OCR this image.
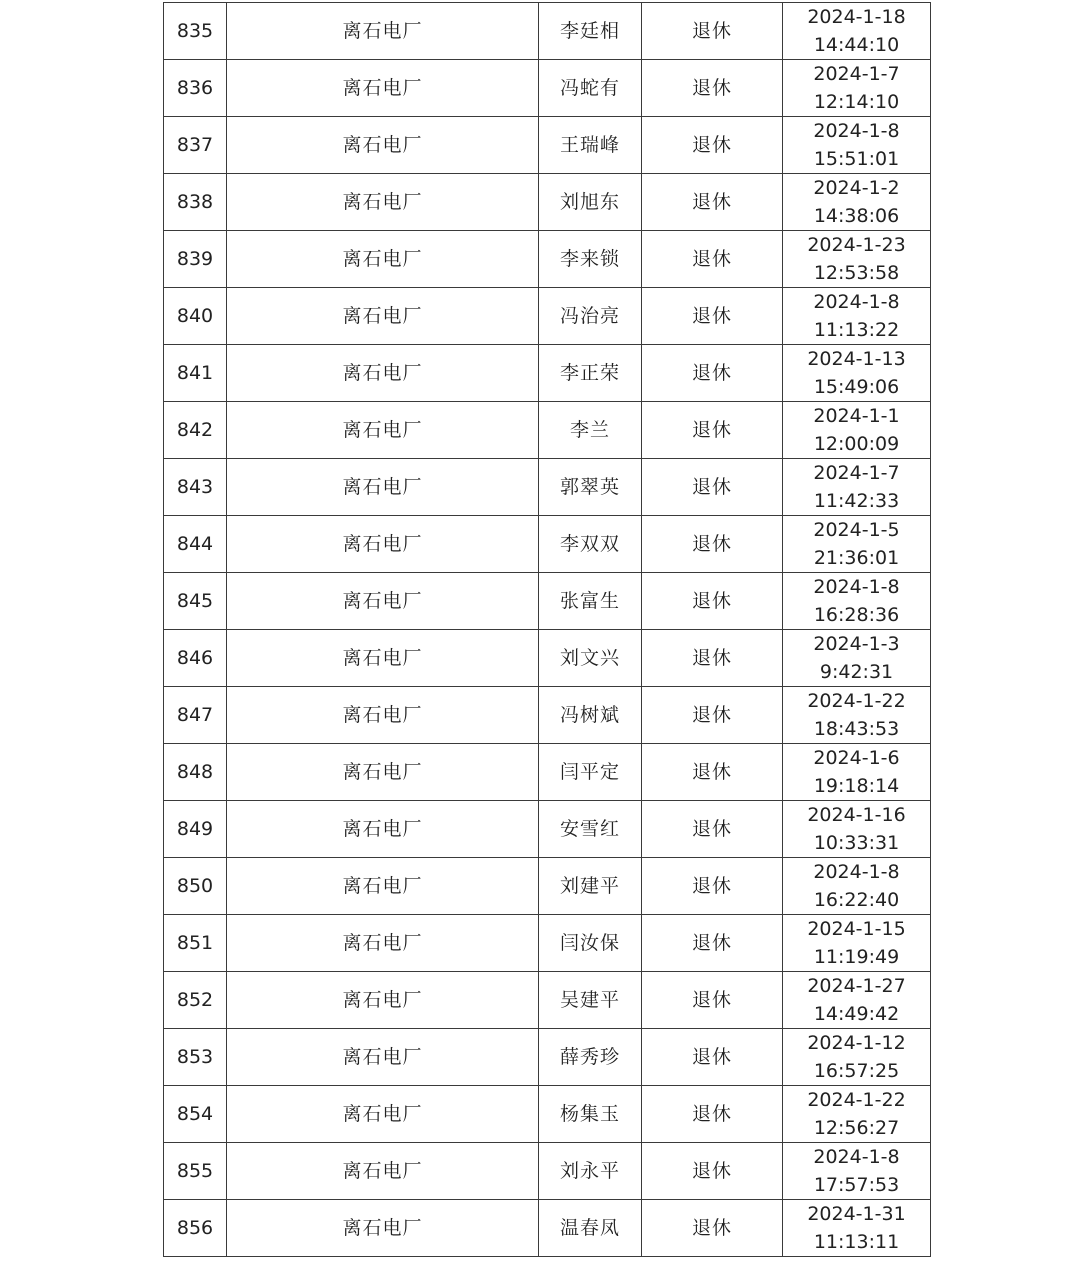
835	离石电厂	李廷相	退休	2024-1-18
14:44:10

836	离石电厂	冯蛇有	退休	2024-1-7
12:14:10

837	离石电厂	王瑞峰	退休	2024-1-8
15:51:01

838	离石电厂	刘旭东	退休	2024-1-2
14:38:06

839	离石电厂	李来锁	退休	2024-1-23
12:53:58

840	离石电厂	冯治亮	退休	2024-1-8
11:13:22

841	离石电厂	李正荣	退休	2024-1-13
15:49:06

842	离石电厂	李兰	退休	2024-1-1
12:00:09

843	离石电厂	郭翠英	退休	2024-1-7
11:42:33

844	离石电厂	李双双	退休	2024-1-5
21:36:01

845	离石电厂	张富生	退休	2024-1-8
16:28:36

846	离石电厂	刘文兴	退休	2024-1-3
9:42:31

847	离石电厂	冯树斌	退休	2024-1-22
18:43:53

848	离石电厂	闫平定	退休	2024-1-6
19:18:14

849	离石电厂	安雪红	退休	2024-1-16
10:33:31

850	离石电厂	刘建平	退休	2024-1-8
16:22:40

851	离石电厂	闫汝保	退休	2024-1-15
11:19:49

852	离石电厂	吴建平	退休	2024-1-27
14:49:42

853	离石电厂	薛秀珍	退休	2024-1-12
16:57:25

854	离石电厂	杨集玉	退休	2024-1-22
12:56:27

855	离石电厂	刘永平	退休	2024-1-8
17:57:53

856	离石电厂	温春凤	退休	2024-1-31
11:13:11
